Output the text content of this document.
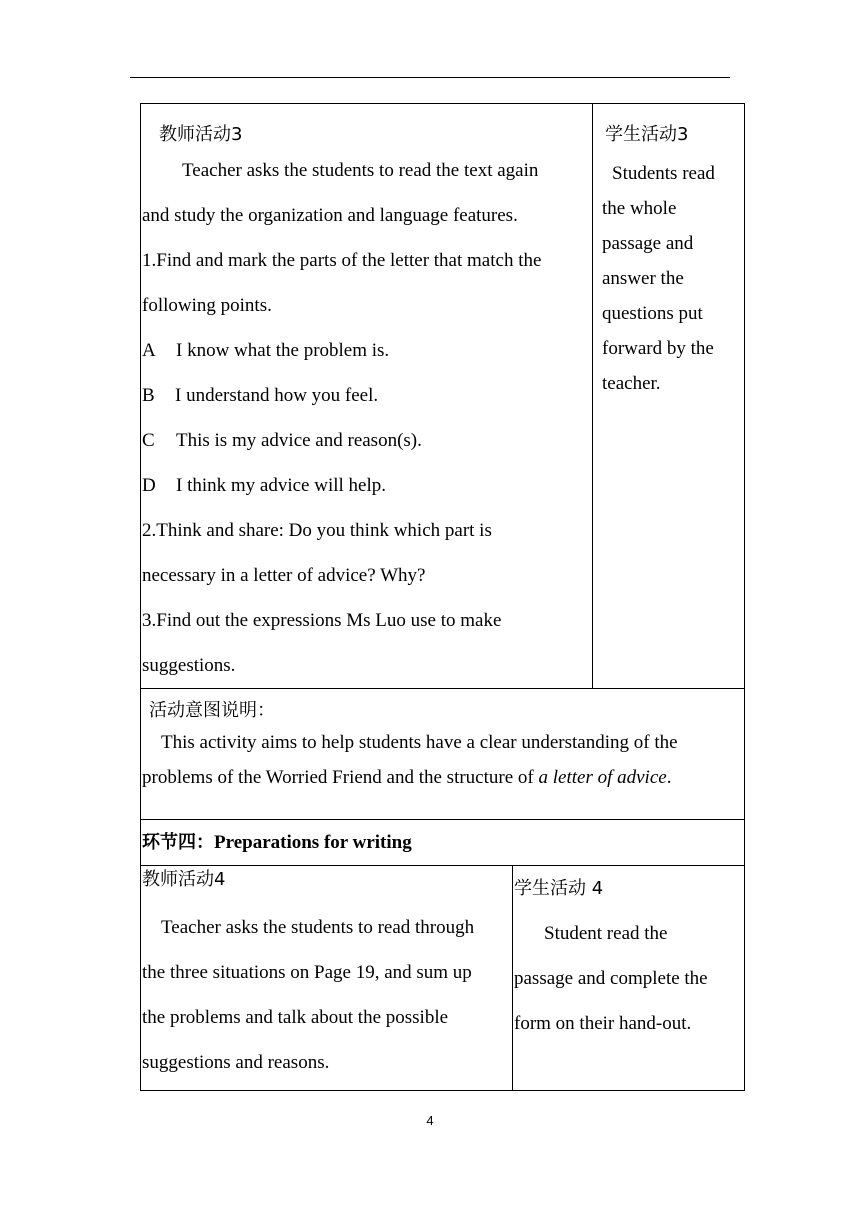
教师活动3
Teacher asks the students to read the text again
and study the organization and language features.
1.Find and mark the parts of the letter that match the
following points.
A I know what the problem is.
B I understand how you feel.
C This is my advice and reason(s).
D I think my advice will help.
2.Think and share: Do you think which part is
necessary in a letter of advice? Why?
3.Find out the expressions Ms Luo use to make
suggestions.
学生活动3
Students read
the whole
passage and
answer the
questions put
forward by the
teacher.
活动意图说明：
This activity aims to help students have a clear understanding of the
problems of the Worried Friend and the structure of a letter of advice.
环节四：Preparations for writing
教师活动4
Teacher asks the students to read through
the three situations on Page 19, and sum up
the problems and talk about the possible
suggestions and reasons.
学生活动 4
Student read the
passage and complete the
form on their hand-out.
4
